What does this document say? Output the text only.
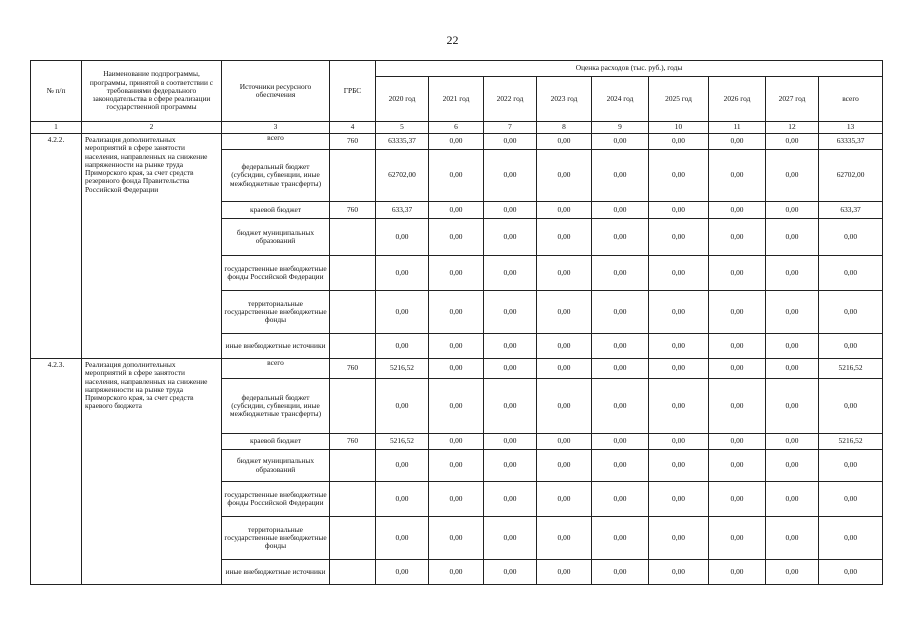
22
№ п/п	Наименование подпрограммы, программы, принятой в соответствии с требованиями федерального законодательства в сфере реализации государственной программы	Источники ресурсного обеспечения	ГРБС	Оценка расходов (тыс. руб.), годы								
				2020 год	2021 год	2022 год	2023 год	2024 год	2025 год	2026 год	2027 год	всего
1	2	3	4	5	6	7	8	9	10	11	12	13
4.2.2.	Реализация дополнительных мероприятий в сфере занятости населения, направленных на снижение напряженности на рынке труда Приморского края, за счет средств резервного фонда Правительства Российской Федерации	всего	760	63335,37	0,00	0,00	0,00	0,00	0,00	0,00	0,00	63335,37
		федеральный бюджет (субсидии, субвенции, иные межбюджетные трансферты)		62702,00	0,00	0,00	0,00	0,00	0,00	0,00	0,00	62702,00
		краевой бюджет	760	633,37	0,00	0,00	0,00	0,00	0,00	0,00	0,00	633,37
		бюджет муниципальных образований		0,00	0,00	0,00	0,00	0,00	0,00	0,00	0,00	0,00
		государственные внебюджетные фонды Российской Федерации		0,00	0,00	0,00	0,00	0,00	0,00	0,00	0,00	0,00
		территориальные государственные внебюджетные фонды		0,00	0,00	0,00	0,00	0,00	0,00	0,00	0,00	0,00
		иные внебюджетные источники		0,00	0,00	0,00	0,00	0,00	0,00	0,00	0,00	0,00
4.2.3.	Реализация дополнительных мероприятий в сфере занятости населения, направленных на снижение напряженности на рынке труда Приморского края, за счет средств краевого бюджета	всего	760	5216,52	0,00	0,00	0,00	0,00	0,00	0,00	0,00	5216,52
		федеральный бюджет (субсидии, субвенции, иные межбюджетные трансферты)		0,00	0,00	0,00	0,00	0,00	0,00	0,00	0,00	0,00
		краевой бюджет	760	5216,52	0,00	0,00	0,00	0,00	0,00	0,00	0,00	5216,52
		бюджет муниципальных образований		0,00	0,00	0,00	0,00	0,00	0,00	0,00	0,00	0,00
		государственные внебюджетные фонды Российской Федерации		0,00	0,00	0,00	0,00	0,00	0,00	0,00	0,00	0,00
		территориальные государственные внебюджетные фонды		0,00	0,00	0,00	0,00	0,00	0,00	0,00	0,00	0,00
		иные внебюджетные источники		0,00	0,00	0,00	0,00	0,00	0,00	0,00	0,00	0,00
